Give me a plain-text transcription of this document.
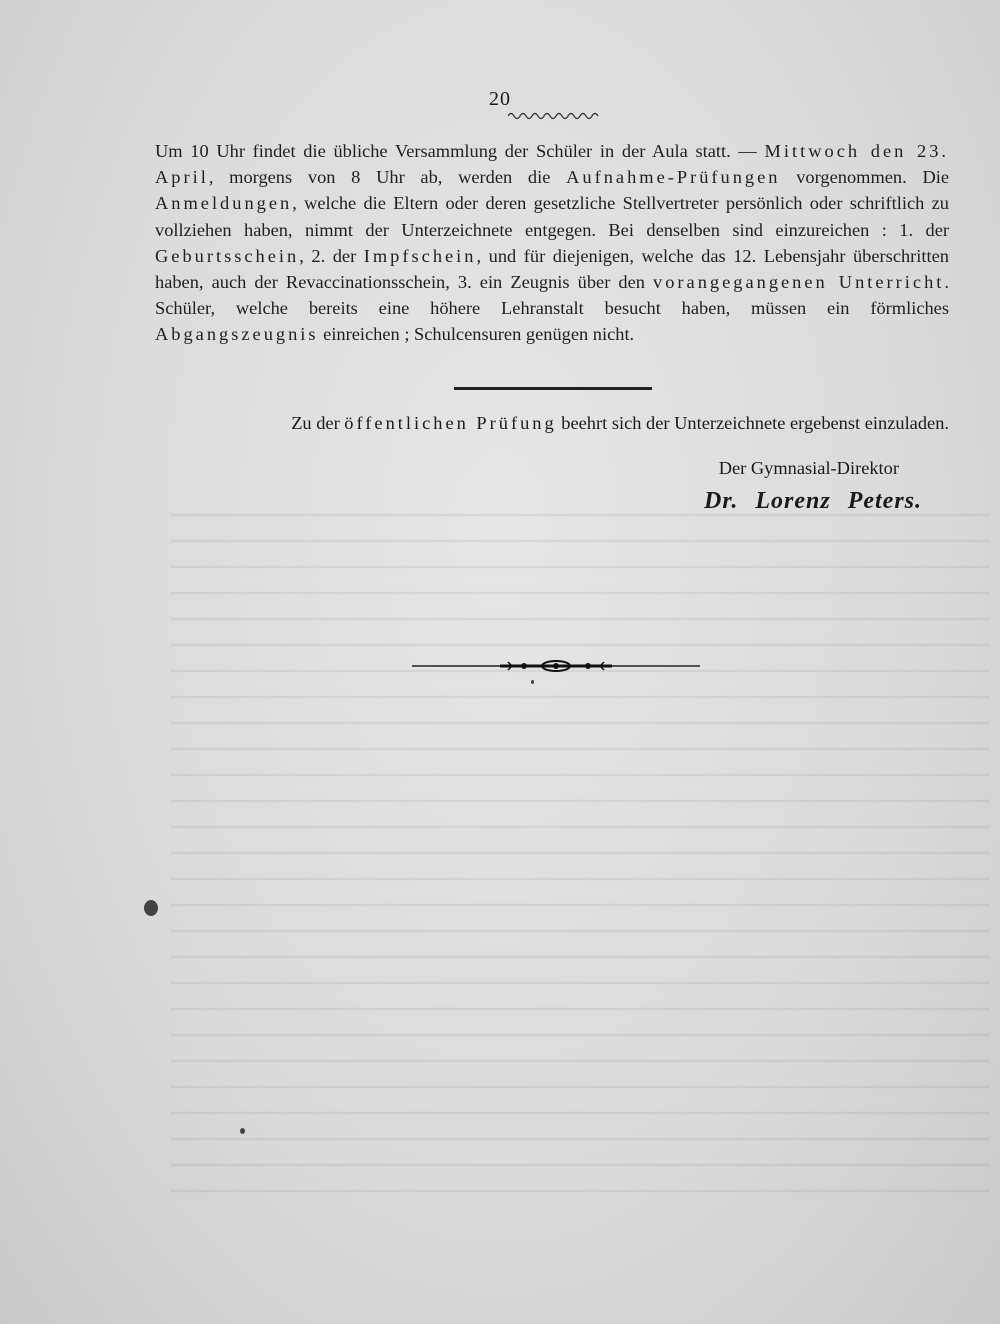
20
Um 10 Uhr findet die übliche Versammlung der Schüler in der Aula statt. — Mittwoch den 23. April, morgens von 8 Uhr ab, werden die Aufnahme-Prüfungen vorgenommen. Die Anmeldungen, welche die Eltern oder deren gesetzliche Stellvertreter persönlich oder schriftlich zu vollziehen haben, nimmt der Unterzeichnete entgegen. Bei denselben sind einzureichen : 1. der Geburtsschein, 2. der Impfschein, und für diejenigen, welche das 12. Lebensjahr überschritten haben, auch der Revaccinationsschein, 3. ein Zeugnis über den vorangegangenen Unterricht. Schüler, welche bereits eine höhere Lehranstalt besucht haben, müssen ein förmliches Abgangszeugnis einreichen ; Schulcensuren genügen nicht.
Zu der öffentlichen Prüfung beehrt sich der Unterzeichnete ergebenst einzuladen.
Der Gymnasial-Direktor
Dr. Lorenz Peters.
